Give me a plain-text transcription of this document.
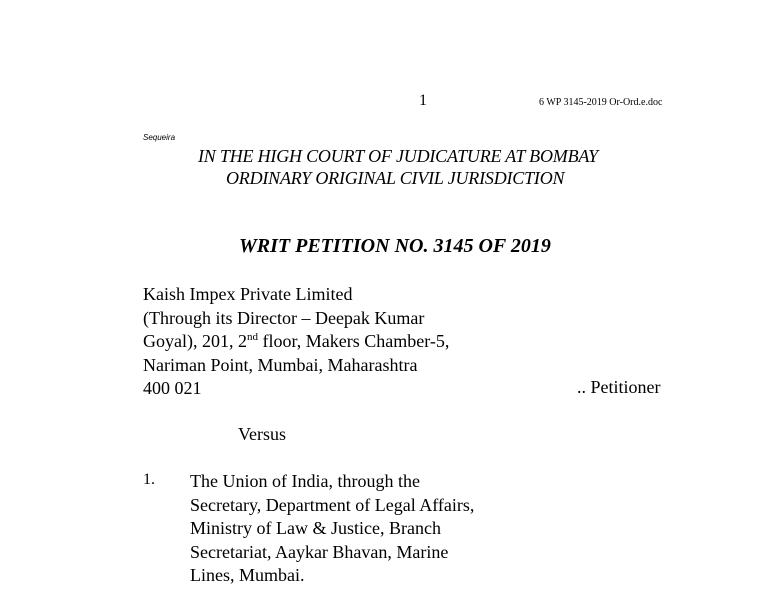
1	6 WP 3145-2019 Or-Ord.e.doc
Sequeira
IN THE HIGH COURT OF JUDICATURE AT BOMBAY
ORDINARY ORIGINAL CIVIL JURISDICTION
WRIT PETITION NO. 3145 OF 2019
Kaish Impex Private Limited
(Through its Director – Deepak Kumar
Goyal), 201, 2nd floor, Makers Chamber-5,
Nariman Point, Mumbai, Maharashtra
400 021	.. Petitioner
Versus
1. The Union of India, through the
Secretary, Department of Legal Affairs,
Ministry of Law & Justice, Branch
Secretariat, Aaykar Bhavan, Marine
Lines, Mumbai.
